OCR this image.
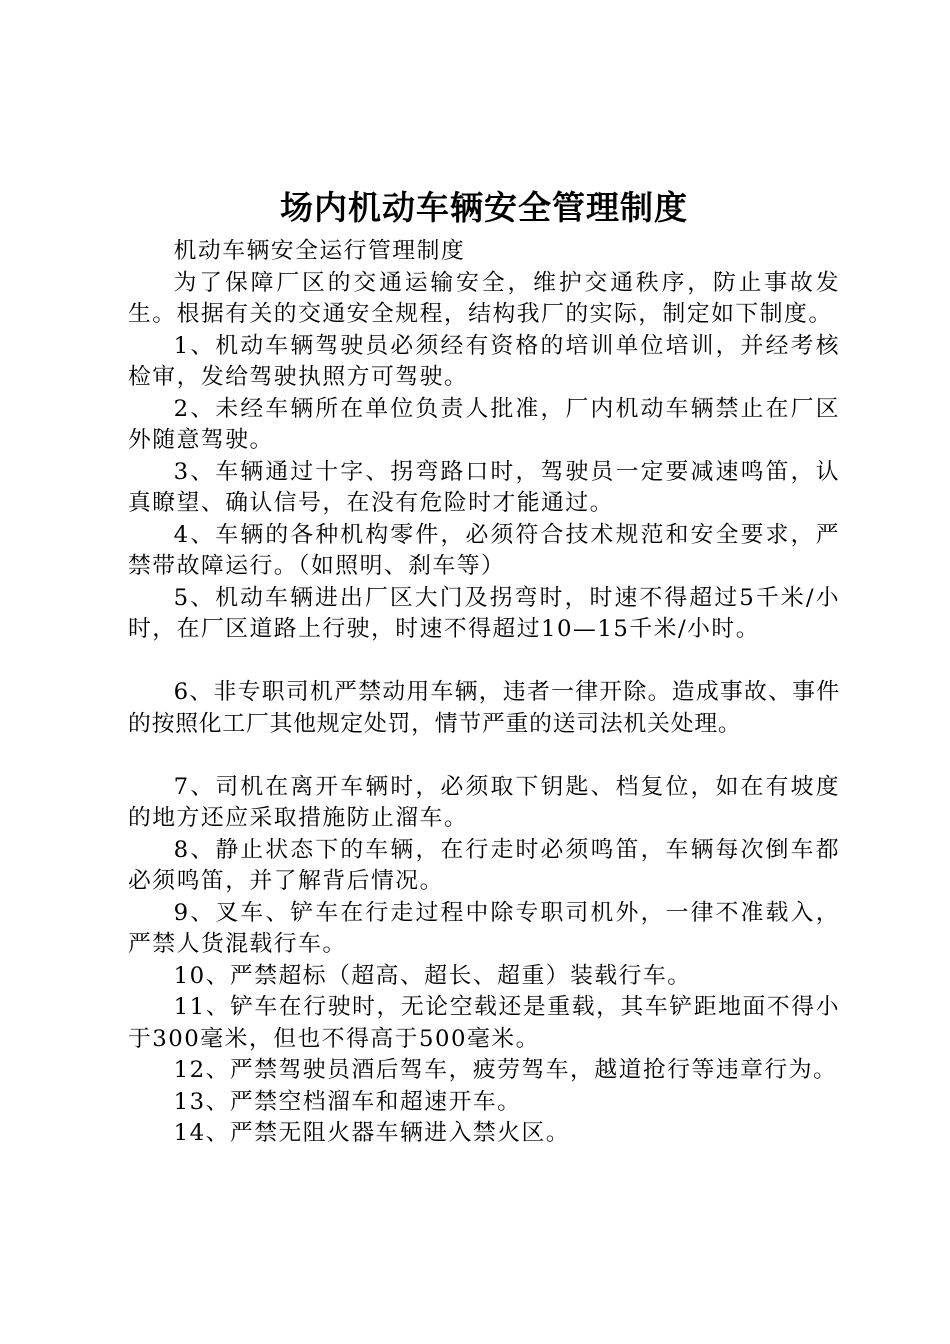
场内机动车辆安全管理制度

机动车辆安全运行管理制度

为了保障厂区的交通运输安全，维护交通秩序，防止事故发生。根据有关的交通安全规程，结构我厂的实际，制定如下制度。

1、机动车辆驾驶员必须经有资格的培训单位培训，并经考核检审，发给驾驶执照方可驾驶。

2、未经车辆所在单位负责人批准，厂内机动车辆禁止在厂区外随意驾驶。

3、车辆通过十字、拐弯路口时，驾驶员一定要减速鸣笛，认真瞭望、确认信号，在没有危险时才能通过。

4、车辆的各种机构零件，必须符合技术规范和安全要求，严禁带故障运行。（如照明、刹车等）

5、机动车辆进出厂区大门及拐弯时，时速不得超过5千米/小时，在厂区道路上行驶，时速不得超过10—15千米/小时。

6、非专职司机严禁动用车辆，违者一律开除。造成事故、事件的按照化工厂其他规定处罚，情节严重的送司法机关处理。

7、司机在离开车辆时，必须取下钥匙、档复位，如在有坡度的地方还应采取措施防止溜车。

8、静止状态下的车辆，在行走时必须鸣笛，车辆每次倒车都必须鸣笛，并了解背后情况。

9、叉车、铲车在行走过程中除专职司机外，一律不准载入，严禁人货混载行车。

10、严禁超标（超高、超长、超重）装载行车。

11、铲车在行驶时，无论空载还是重载，其车铲距地面不得小于300毫米，但也不得高于500毫米。

12、严禁驾驶员酒后驾车，疲劳驾车，越道抢行等违章行为。

13、严禁空档溜车和超速开车。

14、严禁无阻火器车辆进入禁火区。
